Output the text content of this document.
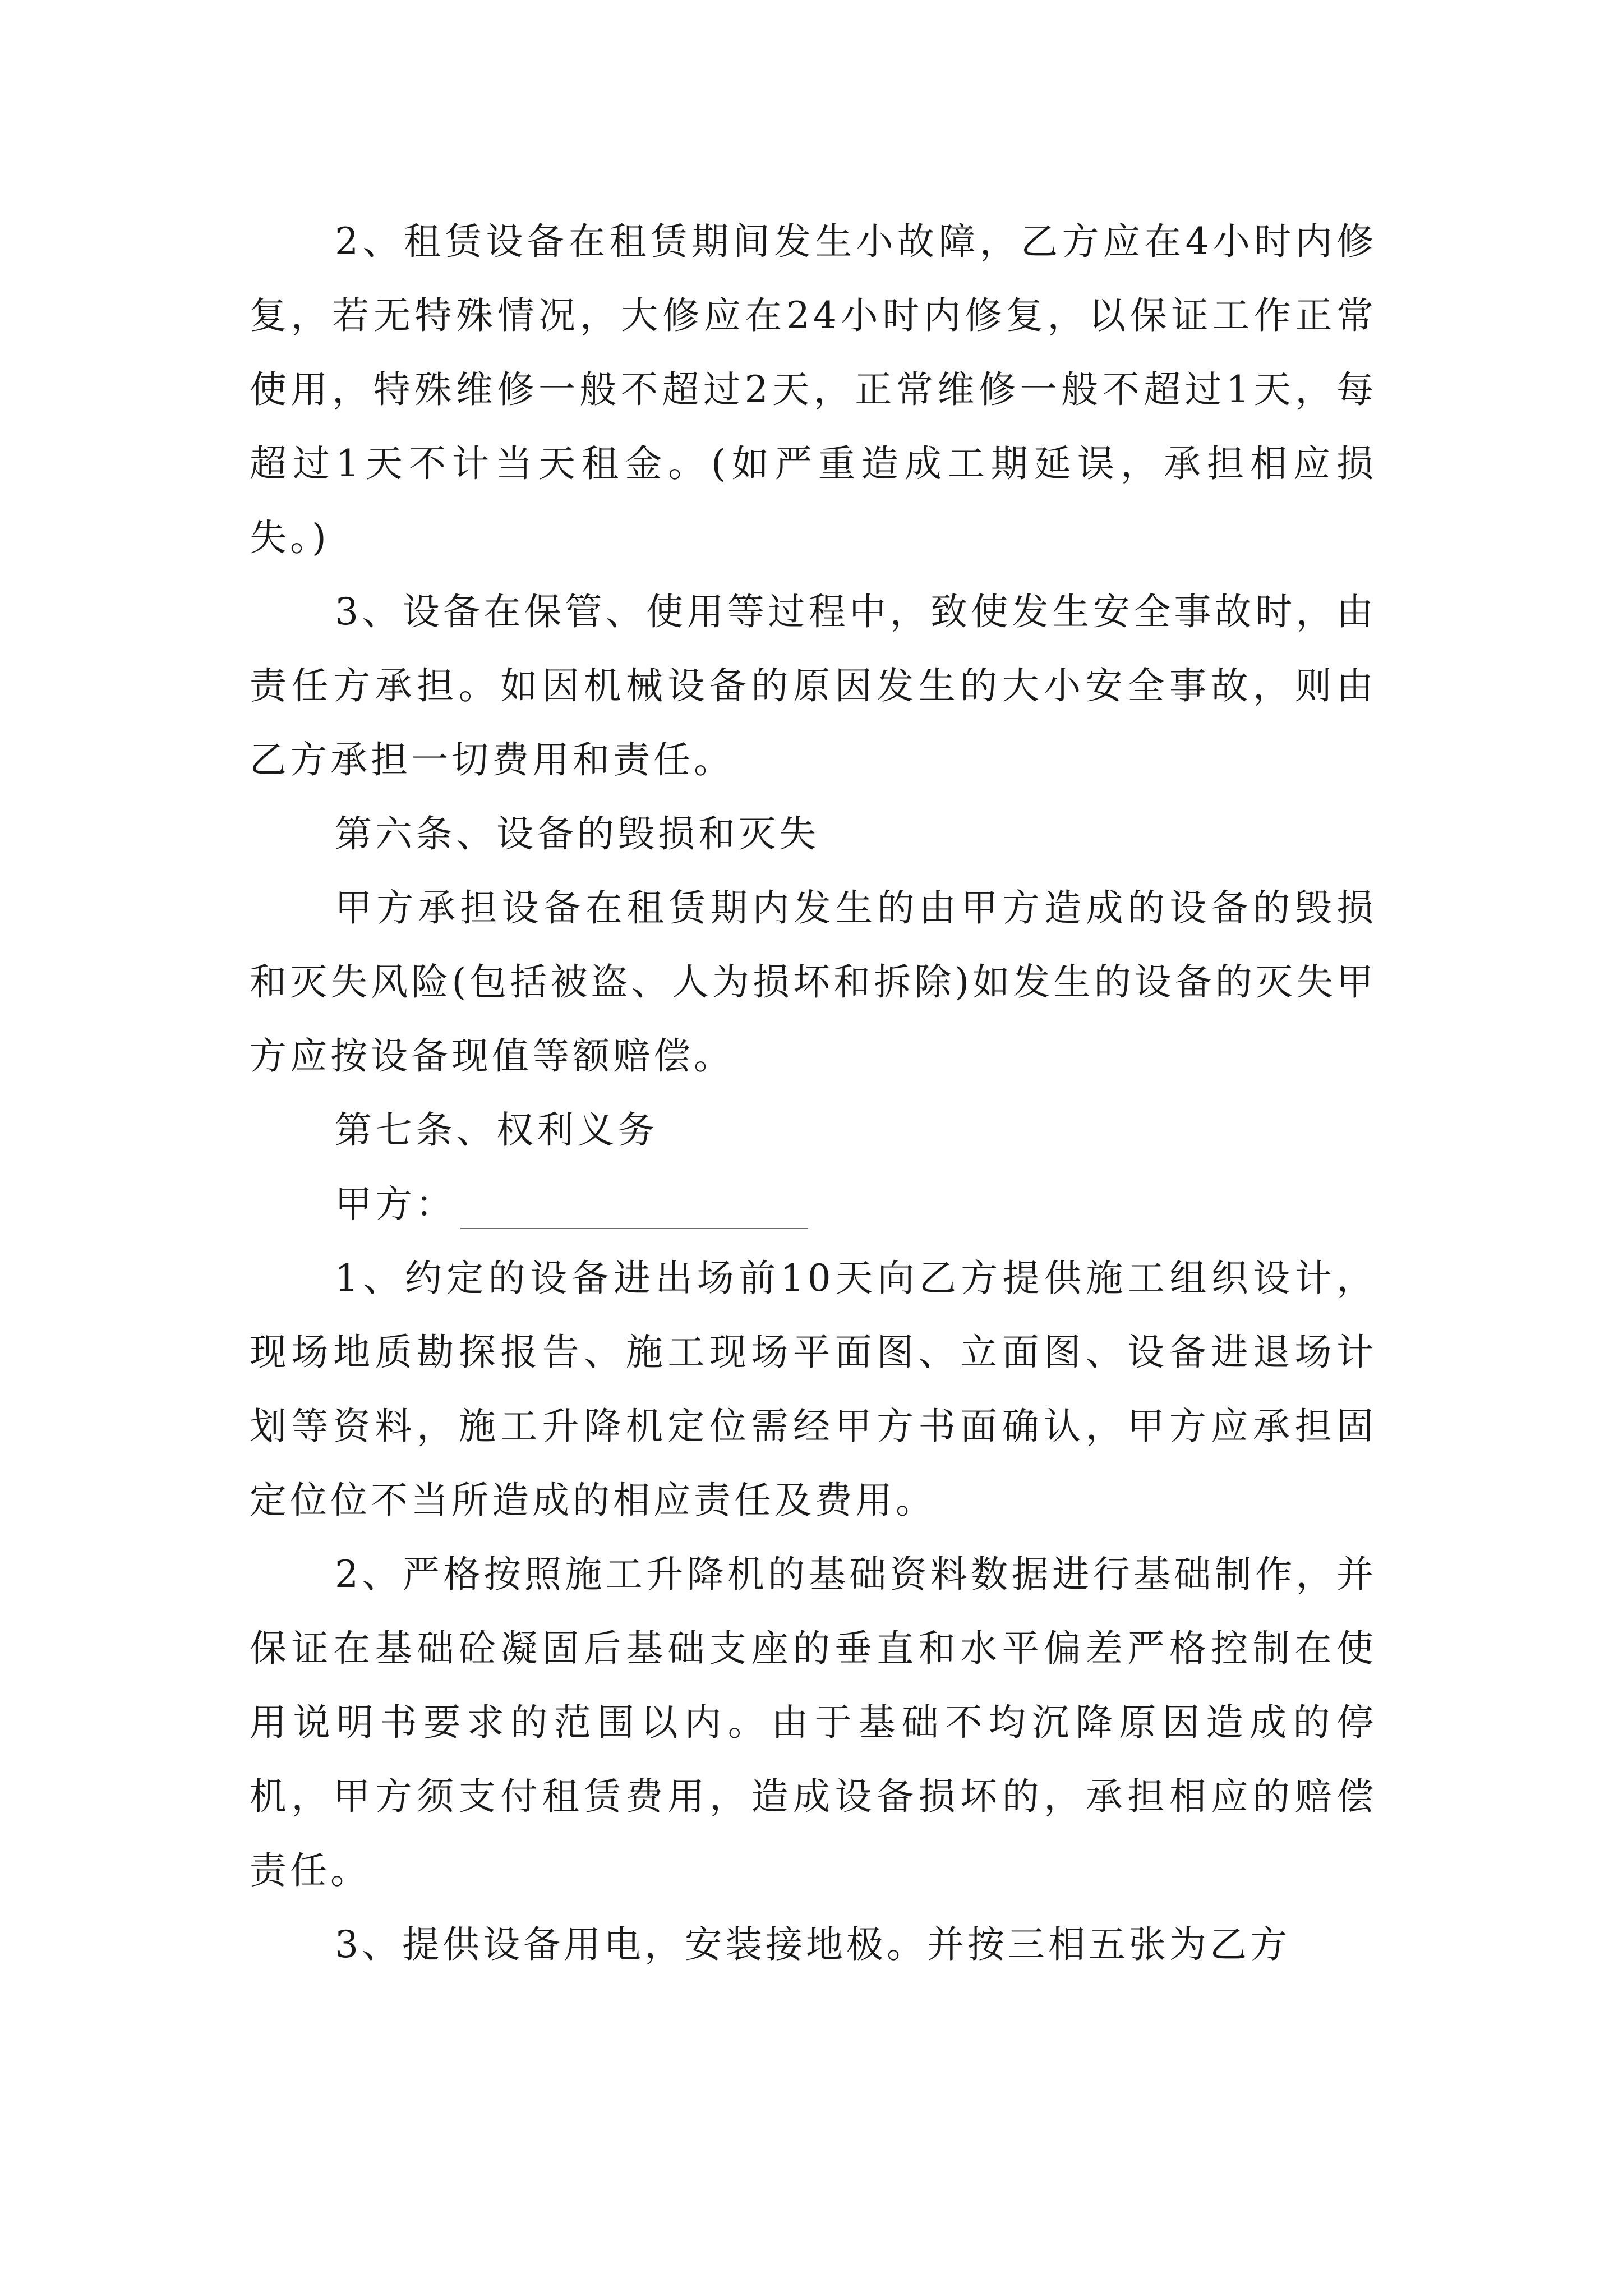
2、租赁设备在租赁期间发生小故障，乙方应在4小时内修复，若无特殊情况，大修应在24小时内修复，以保证工作正常使用，特殊维修一般不超过2天，正常维修一般不超过1天，每超过1天不计当天租金。(如严重造成工期延误，承担相应损失。)

3、设备在保管、使用等过程中，致使发生安全事故时，由责任方承担。如因机械设备的原因发生的大小安全事故，则由乙方承担一切费用和责任。

第六条、设备的毁损和灭失

甲方承担设备在租赁期内发生的由甲方造成的设备的毁损和灭失风险(包括被盗、人为损坏和拆除)如发生的设备的灭失甲方应按设备现值等额赔偿。

第七条、权利义务

甲方：

1、约定的设备进出场前10天向乙方提供施工组织设计，现场地质勘探报告、施工现场平面图、立面图、设备进退场计划等资料，施工升降机定位需经甲方书面确认，甲方应承担固定位位不当所造成的相应责任及费用。

2、严格按照施工升降机的基础资料数据进行基础制作，并保证在基础砼凝固后基础支座的垂直和水平偏差严格控制在使用说明书要求的范围以内。由于基础不均沉降原因造成的停机，甲方须支付租赁费用，造成设备损坏的，承担相应的赔偿责任。

3、提供设备用电，安装接地极。并按三相五张为乙方
